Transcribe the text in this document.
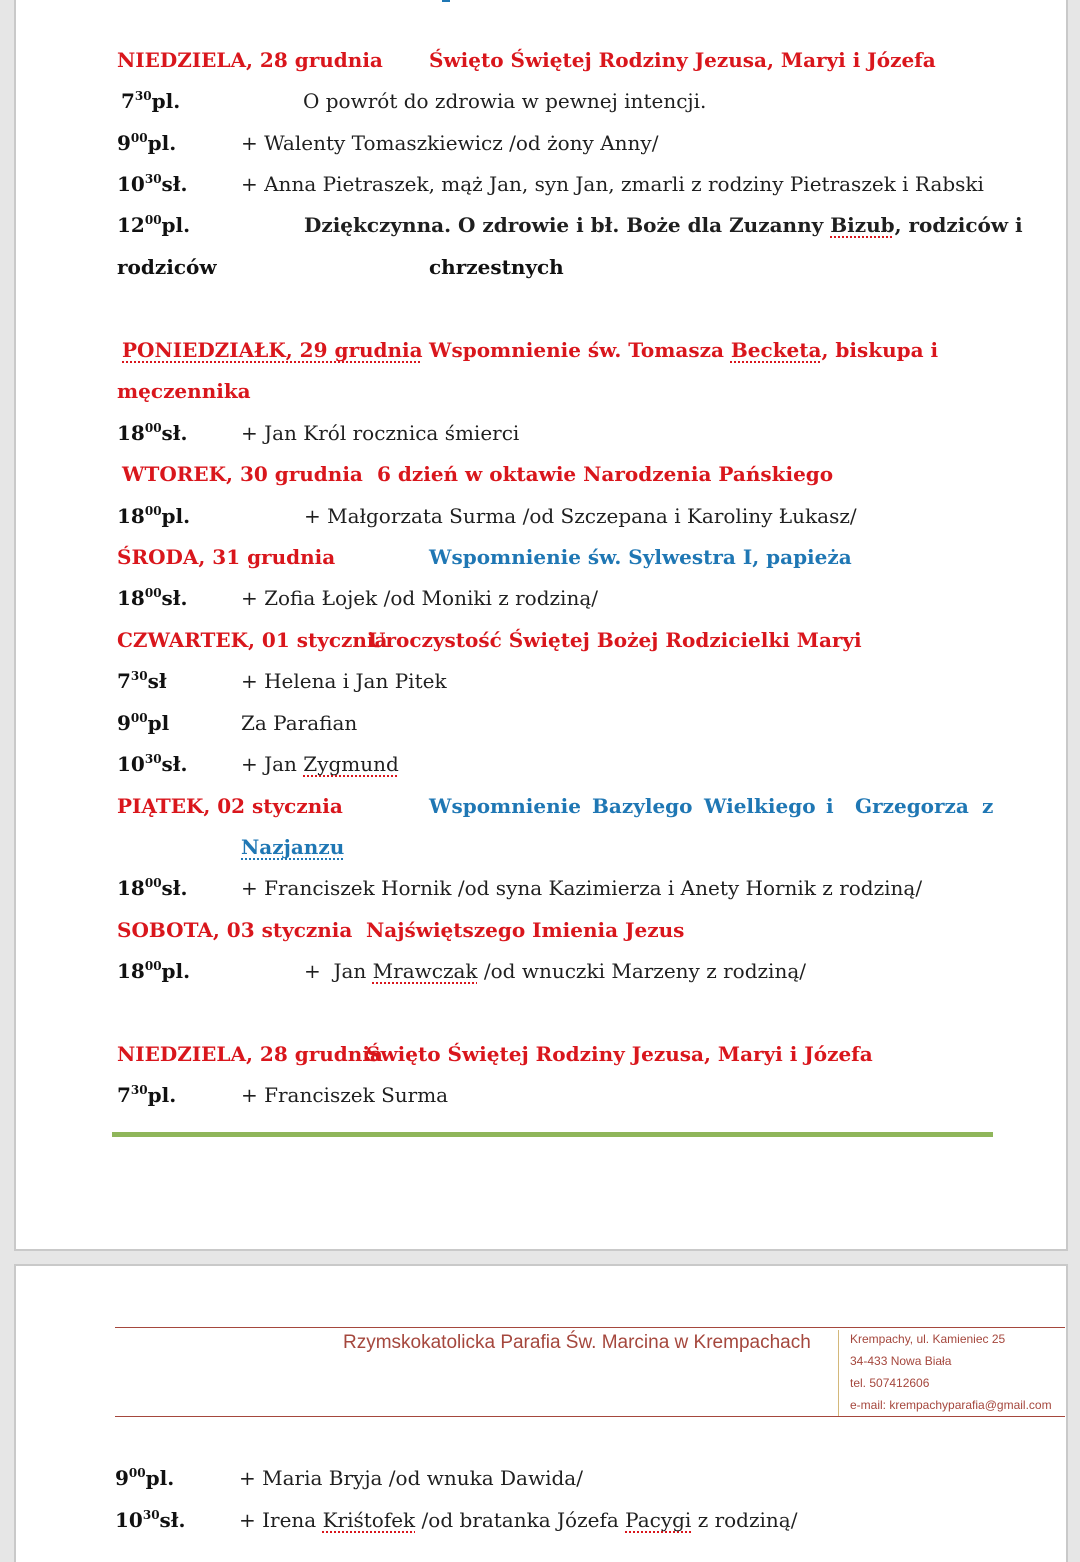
NIEDZIELA, 28 grudnia Święto Świętej Rodziny Jezusa, Maryi i Józefa
$7^{30}pl$.	O powrót do zdrowia w pewnej intencji.
$9^{00}pl$.	+ Walenty Tomaszkiewicz /od żony Anny/
$10^{30}sł$.	+ Anna Pietraszek, mąż Jan, syn Jan, zmarli z rodziny Pietraszek i Rabski
$12^{00}pl$.	Dziękczynna. O zdrowie i bł. Boże dla Zuzanny Bizub, rodziców i
rodziców	chrzestnych
PONIEDZIAŁK, 29 grudnia Wspomnienie św. Tomasza Becketa, biskupa i
męczennika
$18^{00}sł$.	+ Jan Król rocznica śmierci
WTOREK, 30 grudnia 6 dzień w oktawie Narodzenia Pańskiego
$18^{00}pl$.	+ Małgorzata Surma /od Szczepana i Karoliny Łukasz/
ŚRODA, 31 grudnia	Wspomnienie św. Sylwestra I, papieża
$18^{00}sł$.	+ Zofia Łojek /od Moniki z rodziną/
CZWARTEK, 01 stycznia
Uroczystość Świętej Bożej Rodzicielki Maryi
$7^{30}sł$	+ Helena i Jan Pitek
$9^{00}pl$	Za Parafian
$10^{30}sł$.	+ Jan Zygmund
PIĄTEK, 02 stycznia	Wspomnienie Bazylego Wielkiego i Grzegorza z
Nazjanzu
$18^{00}sł$.	+ Franciszek Hornik /od syna Kazimierza i Anety Hornik z rodziną/
SOBOTA, 03 stycznia Najświętszego Imienia Jezus
$18^{00}pl$.	+ Jan Mrawczak /od wnuczki Marzeny z rodziną/
NIEDZIELA, 28 grudnia
Święto Świętej Rodziny Jezusa, Maryi i Józefa
$7^{30}pl$.	+ Franciszek Surma
Rzymskokatolicka Parafia Św. Marcina w Krempachach	Krempachy, ul. Kamieniec 25
34-433 Nowa Biała
tel. 507412606
e-mail: krempachyparafia@gmail.com
$9^{00}pl$.	+ Maria Bryja /od wnuka Dawida/
$10^{30}sł$.	+ Irena Kriśtofek /od bratanka Józefa Pacygi z rodziną/
